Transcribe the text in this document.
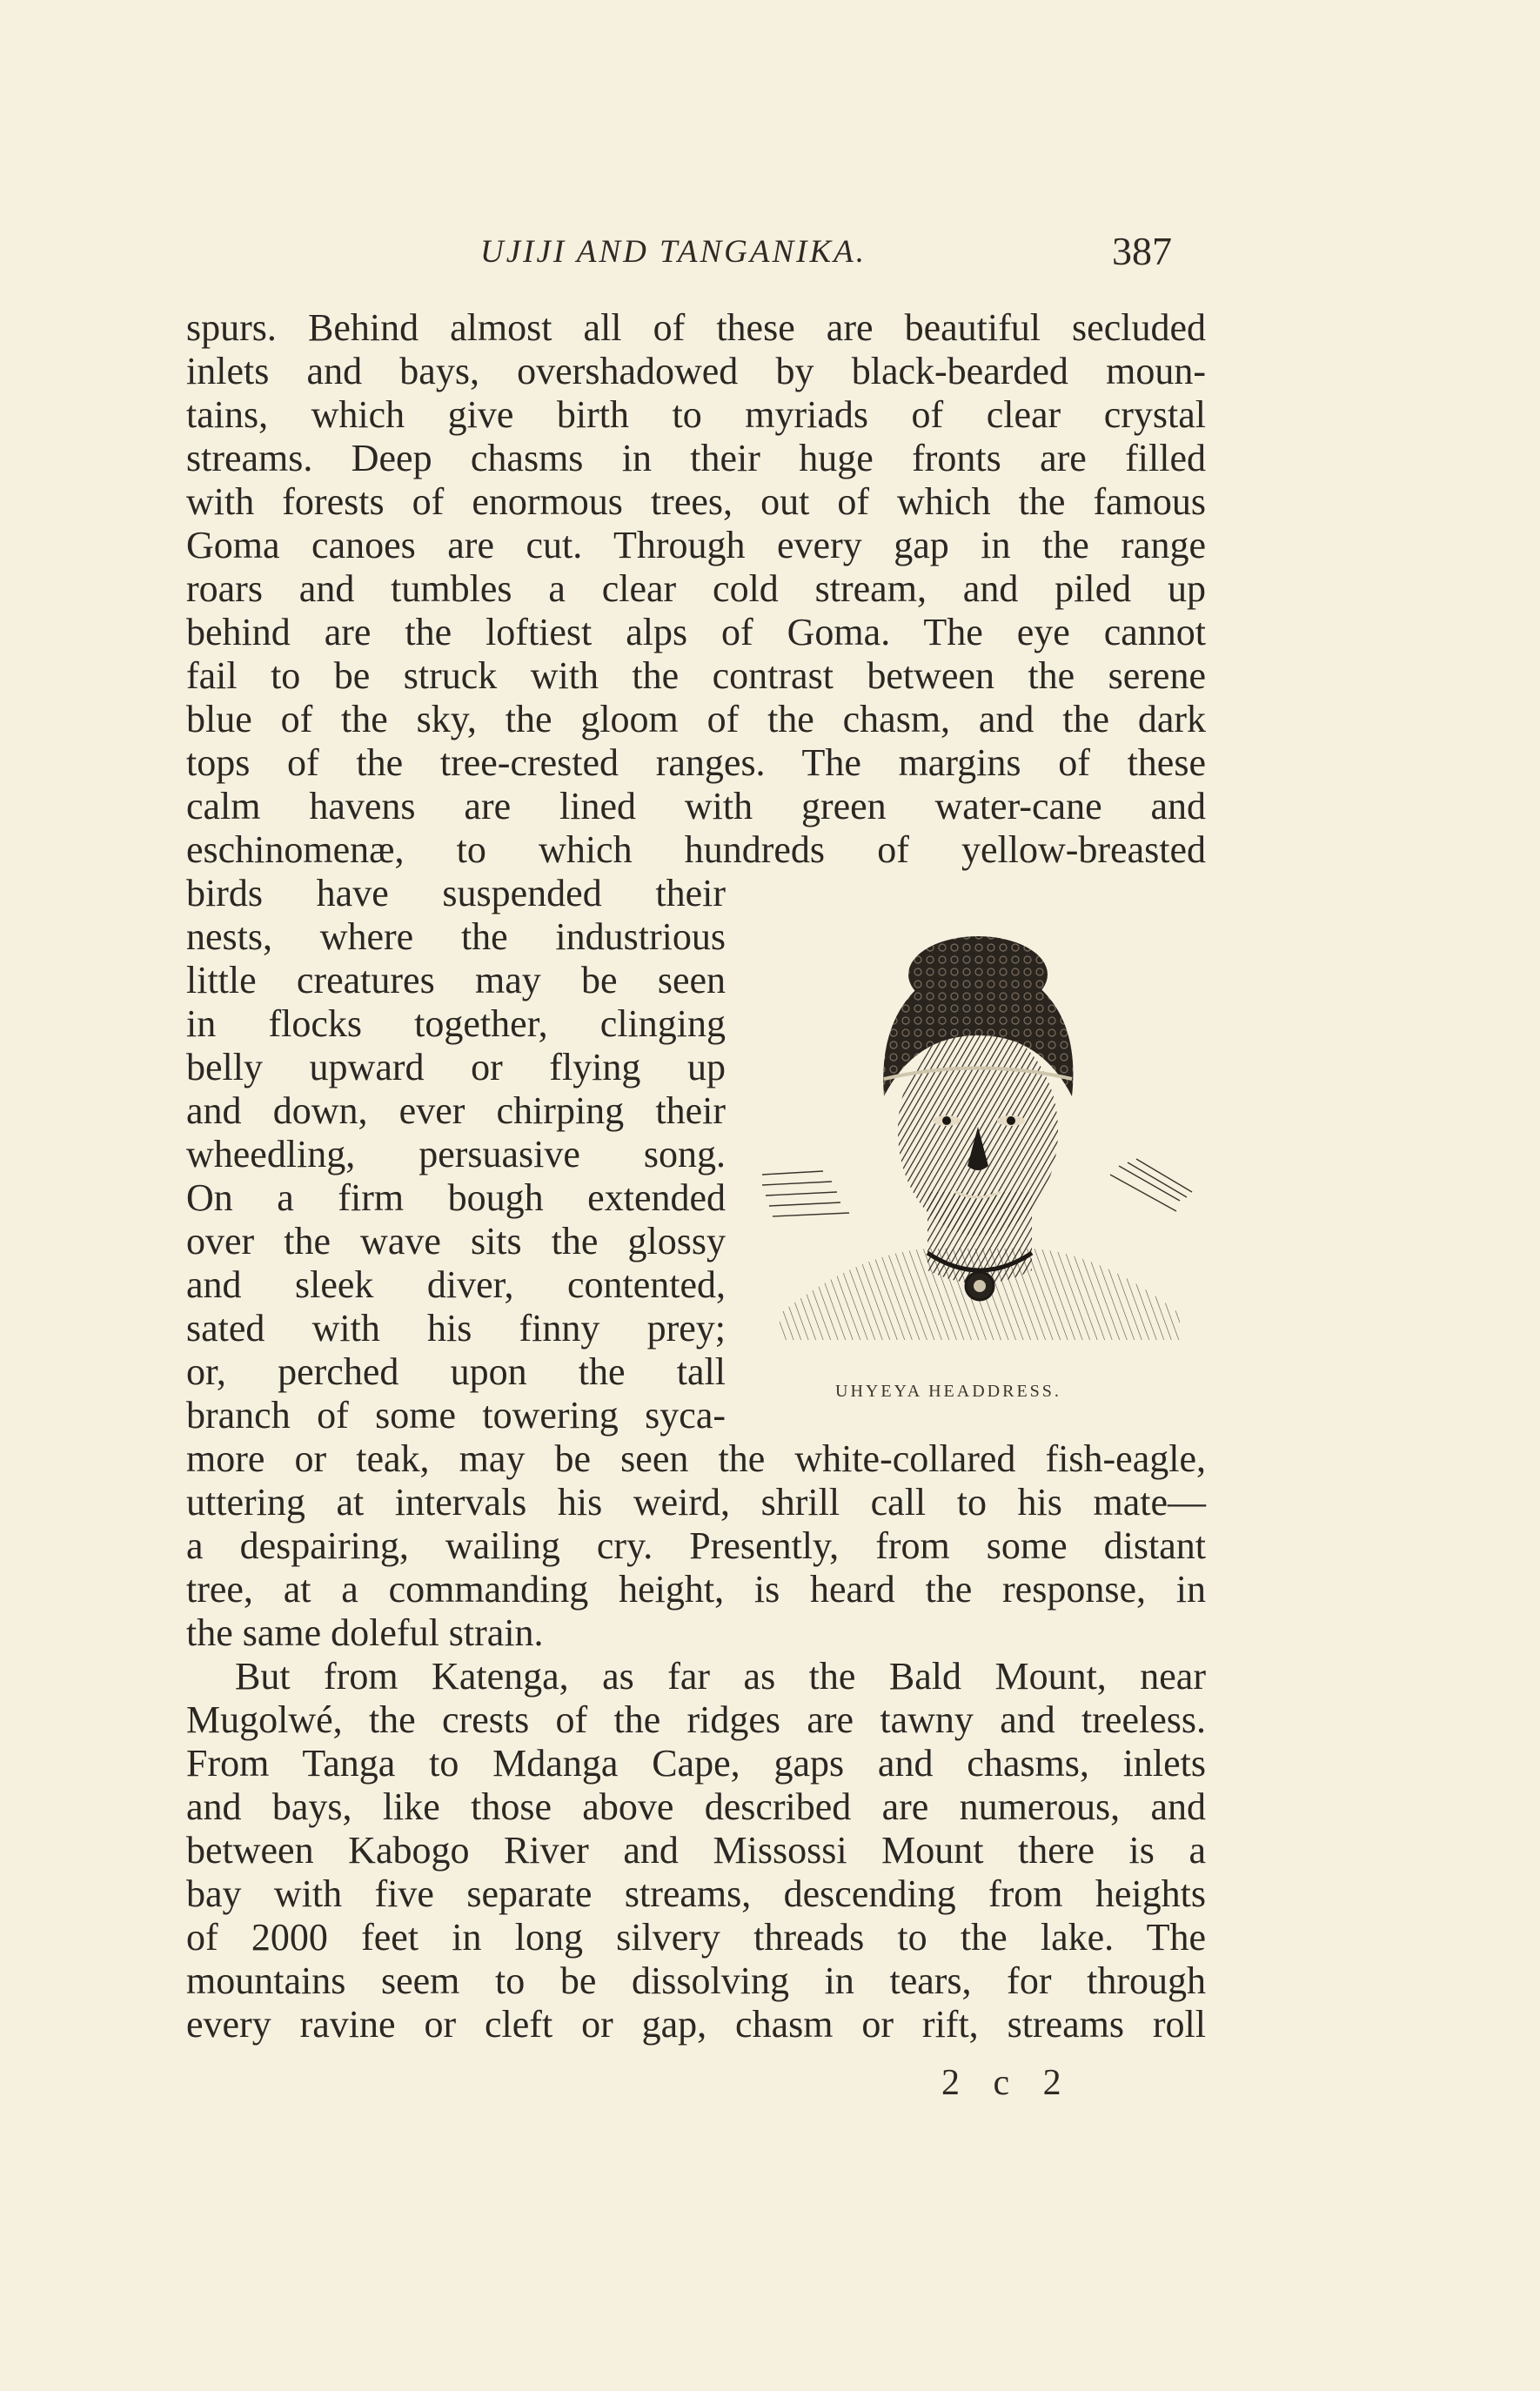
UJIJI AND TANGANIKA.	387
spurs. Behind almost all of these are beautiful secluded
inlets and bays, overshadowed by black-bearded moun-
tains, which give birth to myriads of clear crystal
streams. Deep chasms in their huge fronts are filled
with forests of enormous trees, out of which the famous
Goma canoes are cut. Through every gap in the range
roars and tumbles a clear cold stream, and piled up
behind are the loftiest alps of Goma. The eye cannot
fail to be struck with the contrast between the serene
blue of the sky, the gloom of the chasm, and the dark
tops of the tree-crested ranges. The margins of these
calm havens are lined with green water-cane and
eschinomenæ, to which hundreds of yellow-breasted
birds have suspended their
nests, where the industrious
little creatures may be seen
in flocks together, clinging
belly upward or flying up
and down, ever chirping their
wheedling, persuasive song.
On a firm bough extended
over the wave sits the glossy
and sleek diver, contented,
sated with his finny prey;
or, perched upon the tall
branch of some towering syca-
more or teak, may be seen the white-collared fish-eagle,
uttering at intervals his weird, shrill call to his mate—
a despairing, wailing cry. Presently, from some distant
tree, at a commanding height, is heard the response, in
the same doleful strain.
But from Katenga, as far as the Bald Mount, near
Mugolwé, the crests of the ridges are tawny and treeless.
From Tanga to Mdanga Cape, gaps and chasms, inlets
and bays, like those above described are numerous, and
between Kabogo River and Missossi Mount there is a
bay with five separate streams, descending from heights
of 2000 feet in long silvery threads to the lake. The
mountains seem to be dissolving in tears, for through
every ravine or cleft or gap, chasm or rift, streams roll
UHYEYA HEADDRESS.
2 c 2
